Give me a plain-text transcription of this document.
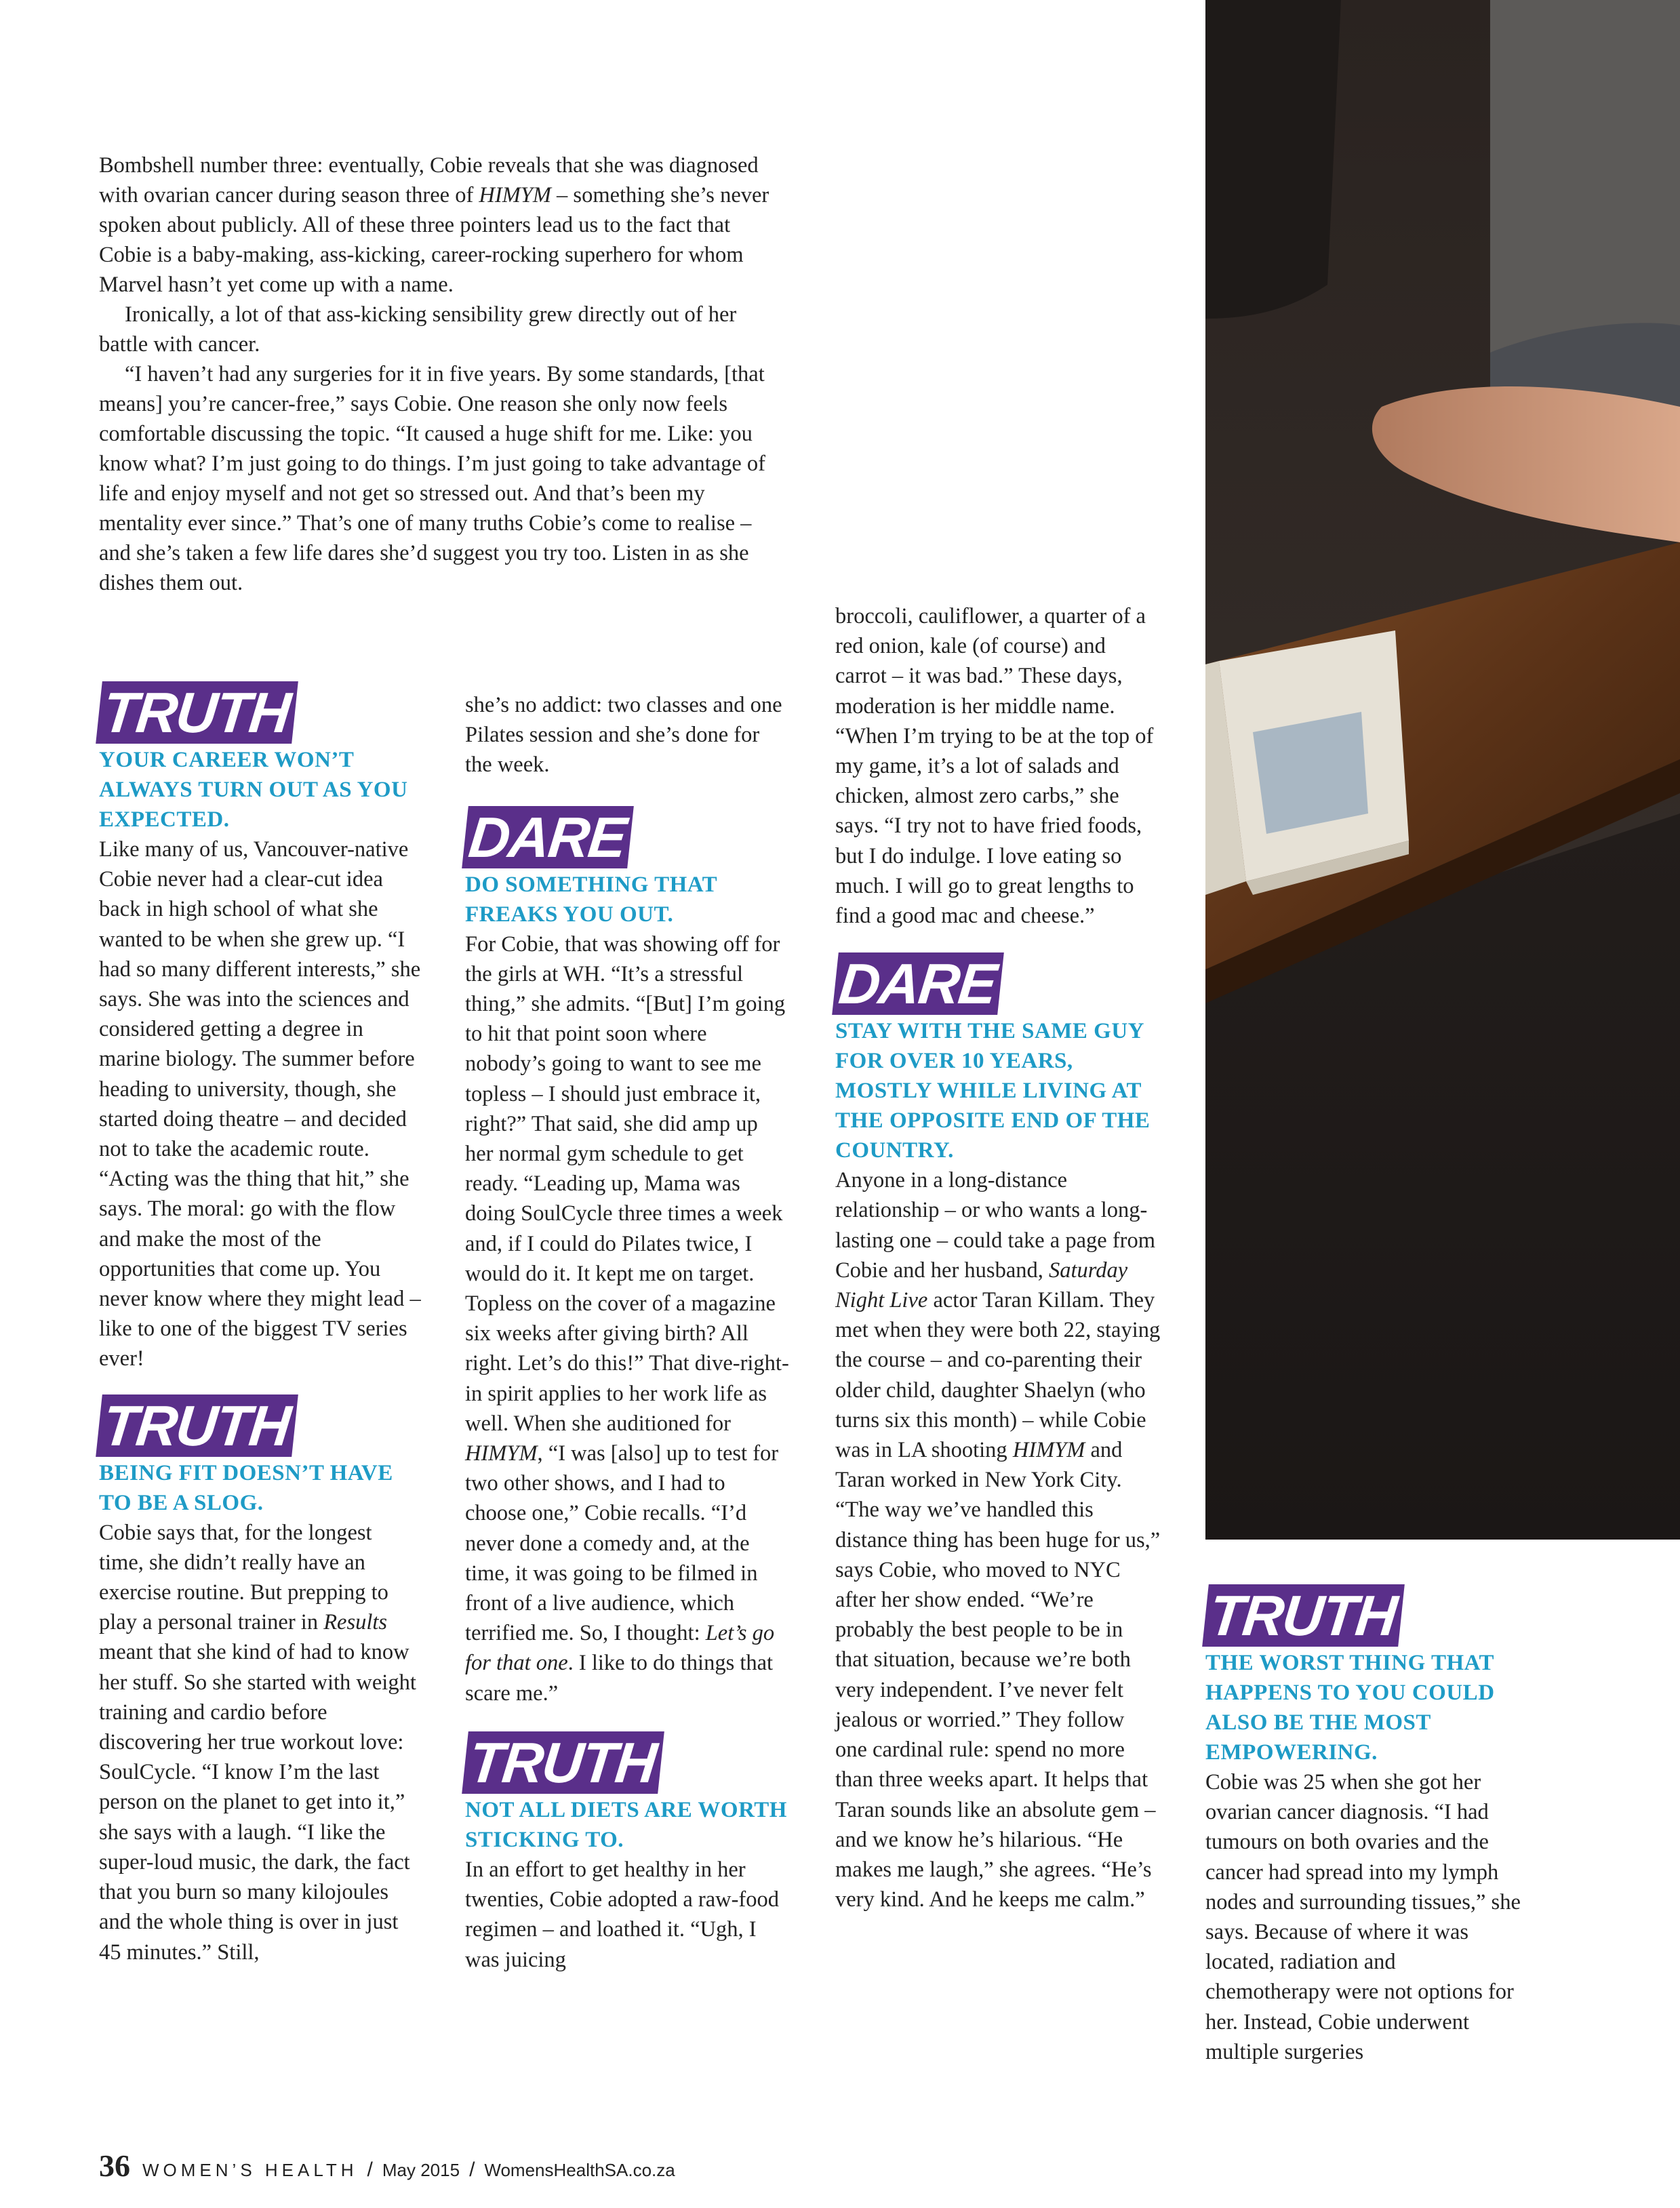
Bombshell number three: eventually, Cobie reveals that she was diagnosed with ovarian cancer during season three of HIMYM – something she’s never spoken about publicly. All of these three pointers lead us to the fact that Cobie is a baby-making, ass-kicking, career-rocking superhero for whom Marvel hasn’t yet come up with a name.

Ironically, a lot of that ass-kicking sensibility grew directly out of her battle with cancer.

“I haven’t had any surgeries for it in five years. By some standards, [that means] you’re cancer-free,” says Cobie. One reason she only now feels comfortable discussing the topic. “It caused a huge shift for me. Like: you know what? I’m just going to do things. I’m just going to take advantage of life and enjoy myself and not get so stressed out. And that’s been my mentality ever since.” That’s one of many truths Cobie’s come to realise – and she’s taken a few life dares she’d suggest you try too. Listen in as she dishes them out.

TRUTH
YOUR CAREER WON’T ALWAYS TURN OUT AS YOU EXPECTED.

Like many of us, Vancouver-native Cobie never had a clear-cut idea back in high school of what she wanted to be when she grew up. “I had so many different interests,” she says. She was into the sciences and considered getting a degree in marine biology. The summer before heading to university, though, she started doing theatre – and decided not to take the academic route. “Acting was the thing that hit,” she says. The moral: go with the flow and make the most of the opportunities that come up. You never know where they might lead – like to one of the biggest TV series ever!

TRUTH
BEING FIT DOESN’T HAVE TO BE A SLOG.

Cobie says that, for the longest time, she didn’t really have an exercise routine. But prepping to play a personal trainer in Results meant that she kind of had to know her stuff. So she started with weight training and cardio before discovering her true workout love: SoulCycle. “I know I’m the last person on the planet to get into it,” she says with a laugh. “I like the super-loud music, the dark, the fact that you burn so many kilojoules and the whole thing is over in just 45 minutes.” Still,

she’s no addict: two classes and one Pilates session and she’s done for the week.

DARE
DO SOMETHING THAT FREAKS YOU OUT.

For Cobie, that was showing off for the girls at WH. “It’s a stressful thing,” she admits. “[But] I’m going to hit that point soon where nobody’s going to want to see me topless – I should just embrace it, right?” That said, she did amp up her normal gym schedule to get ready. “Leading up, Mama was doing SoulCycle three times a week and, if I could do Pilates twice, I would do it. It kept me on target. Topless on the cover of a magazine six weeks after giving birth? All right. Let’s do this!” That dive-right-in spirit applies to her work life as well. When she auditioned for HIMYM, “I was [also] up to test for two other shows, and I had to choose one,” Cobie recalls. “I’d never done a comedy and, at the time, it was going to be filmed in front of a live audience, which terrified me. So, I thought: Let’s go for that one. I like to do things that scare me.”

TRUTH
NOT ALL DIETS ARE WORTH STICKING TO.

In an effort to get healthy in her twenties, Cobie adopted a raw-food regimen – and loathed it. “Ugh, I was juicing

broccoli, cauliflower, a quarter of a red onion, kale (of course) and carrot – it was bad.” These days, moderation is her middle name. “When I’m trying to be at the top of my game, it’s a lot of salads and chicken, almost zero carbs,” she says. “I try not to have fried foods, but I do indulge. I love eating so much. I will go to great lengths to find a good mac and cheese.”

DARE
STAY WITH THE SAME GUY FOR OVER 10 YEARS, MOSTLY WHILE LIVING AT THE OPPOSITE END OF THE COUNTRY.

Anyone in a long-distance relationship – or who wants a long-lasting one – could take a page from Cobie and her husband, Saturday Night Live actor Taran Killam. They met when they were both 22, staying the course – and co-parenting their older child, daughter Shaelyn (who turns six this month) – while Cobie was in LA shooting HIMYM and Taran worked in New York City. “The way we’ve handled this distance thing has been huge for us,” says Cobie, who moved to NYC after her show ended. “We’re probably the best people to be in that situation, because we’re both very independent. I’ve never felt jealous or worried.” They follow one cardinal rule: spend no more than three weeks apart. It helps that Taran sounds like an absolute gem – and we know he’s hilarious. “He makes me laugh,” she agrees. “He’s very kind. And he keeps me calm.”

TRUTH
THE WORST THING THAT HAPPENS TO YOU COULD ALSO BE THE MOST EMPOWERING.

Cobie was 25 when she got her ovarian cancer diagnosis. “I had tumours on both ovaries and the cancer had spread into my lymph nodes and surrounding tissues,” she says. Because of where it was located, radiation and chemotherapy were not options for her. Instead, Cobie underwent multiple surgeries

36 WOMEN’S HEALTH / May 2015 / WomensHealthSA.co.za
